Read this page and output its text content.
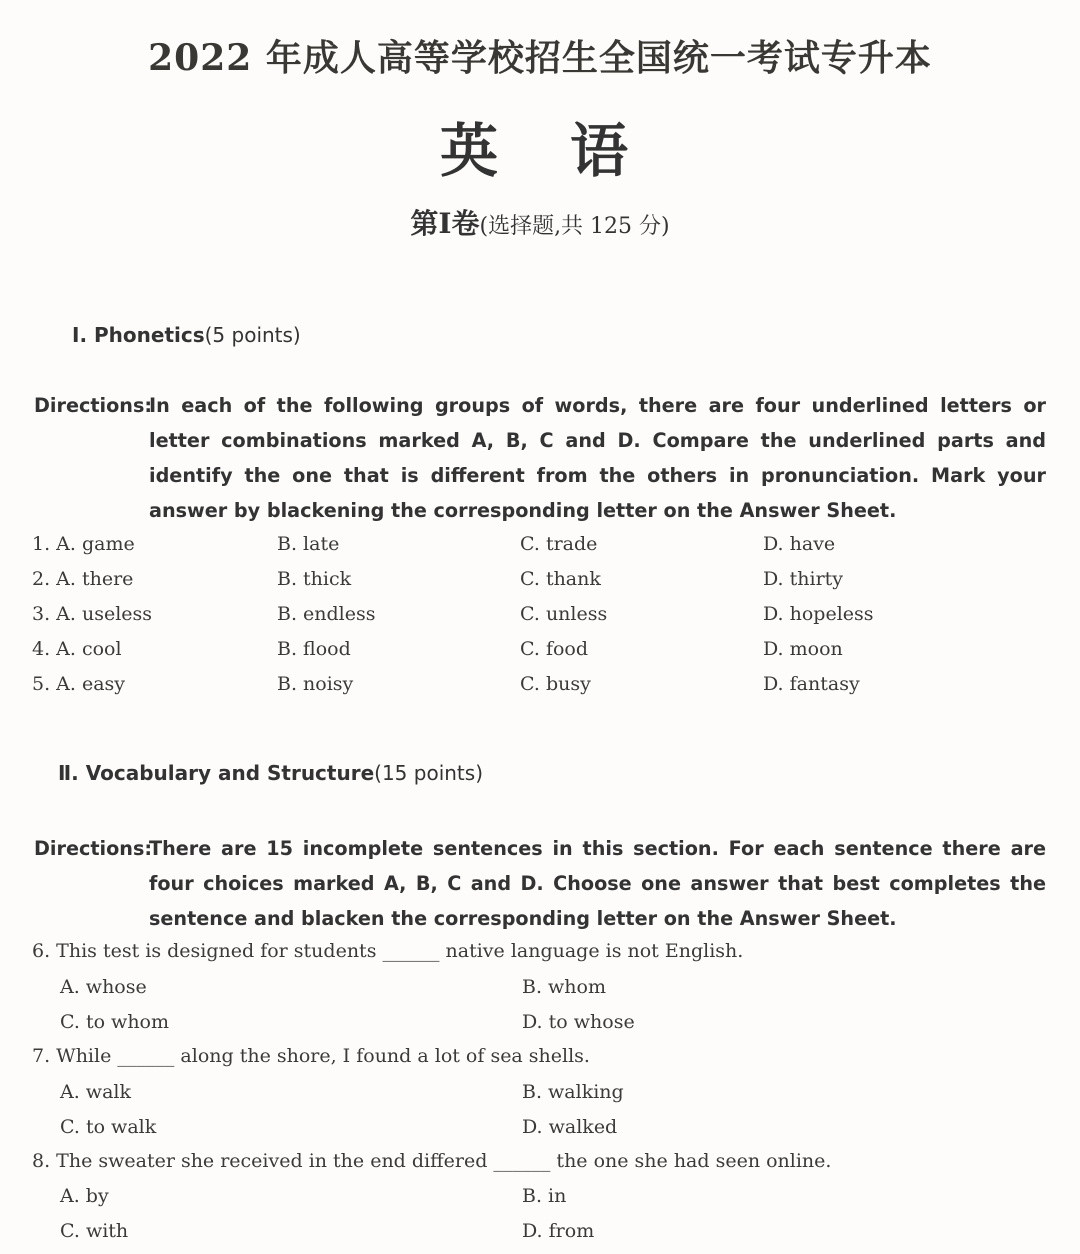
2022 年成人高等学校招生全国统一考试专升本
英语
第Ⅰ卷(选择题,共 125 分)
Ⅰ. Phonetics(5 points)
Directions:
In each of the following groups of words, there are four underlined letters or letter combinations marked A, B, C and D. Compare the underlined parts and identify the one that is different from the others in pronunciation. Mark your answer by blackening the corresponding letter on the Answer Sheet.
1. A. game	B. late	C. trade	D. have
2. A. there	B. thick	C. thank	D. thirty
3. A. useless	B. endless	C. unless	D. hopeless
4. A. cool	B. flood	C. food	D. moon
5. A. easy	B. noisy	C. busy	D. fantasy
Ⅱ. Vocabulary and Structure(15 points)
Directions:
There are 15 incomplete sentences in this section. For each sentence there are four choices marked A, B, C and D. Choose one answer that best completes the sentence and blacken the corresponding letter on the Answer Sheet.
6. This test is designed for students ______ native language is not English.
A. whose	B. whom
C. to whom	D. to whose
7. While ______ along the shore, I found a lot of sea shells.
A. walk	B. walking
C. to walk	D. walked
8. The sweater she received in the end differed ______ the one she had seen online.
A. by	B. in
C. with	D. from
